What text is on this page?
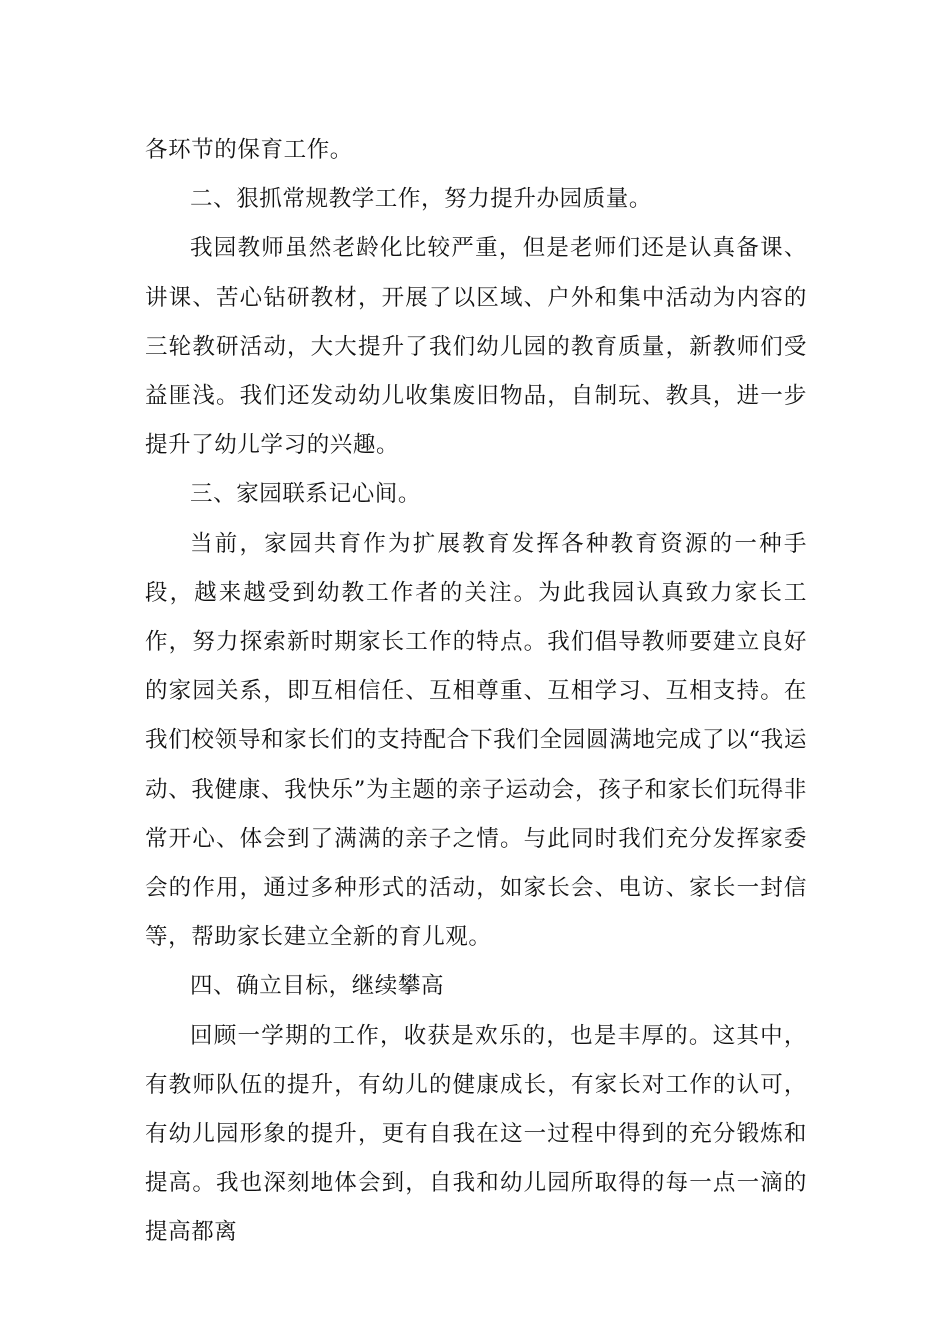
各环节的保育工作。

二、狠抓常规教学工作，努力提升办园质量。

我园教师虽然老龄化比较严重，但是老师们还是认真备课、讲课、苦心钻研教材，开展了以区域、户外和集中活动为内容的三轮教研活动，大大提升了我们幼儿园的教育质量，新教师们受益匪浅。我们还发动幼儿收集废旧物品，自制玩、教具，进一步提升了幼儿学习的兴趣。

三、家园联系记心间。

当前，家园共育作为扩展教育发挥各种教育资源的一种手段，越来越受到幼教工作者的关注。为此我园认真致力家长工作，努力探索新时期家长工作的特点。我们倡导教师要建立良好的家园关系，即互相信任、互相尊重、互相学习、互相支持。在我们校领导和家长们的支持配合下我们全园圆满地完成了以“我运动、我健康、我快乐”为主题的亲子运动会，孩子和家长们玩得非常开心、体会到了满满的亲子之情。与此同时我们充分发挥家委会的作用，通过多种形式的活动，如家长会、电访、家长一封信等，帮助家长建立全新的育儿观。

四、确立目标，继续攀高

回顾一学期的工作，收获是欢乐的，也是丰厚的。这其中，有教师队伍的提升，有幼儿的健康成长，有家长对工作的认可，有幼儿园形象的提升，更有自我在这一过程中得到的充分锻炼和提高。我也深刻地体会到，自我和幼儿园所取得的每一点一滴的提高都离
